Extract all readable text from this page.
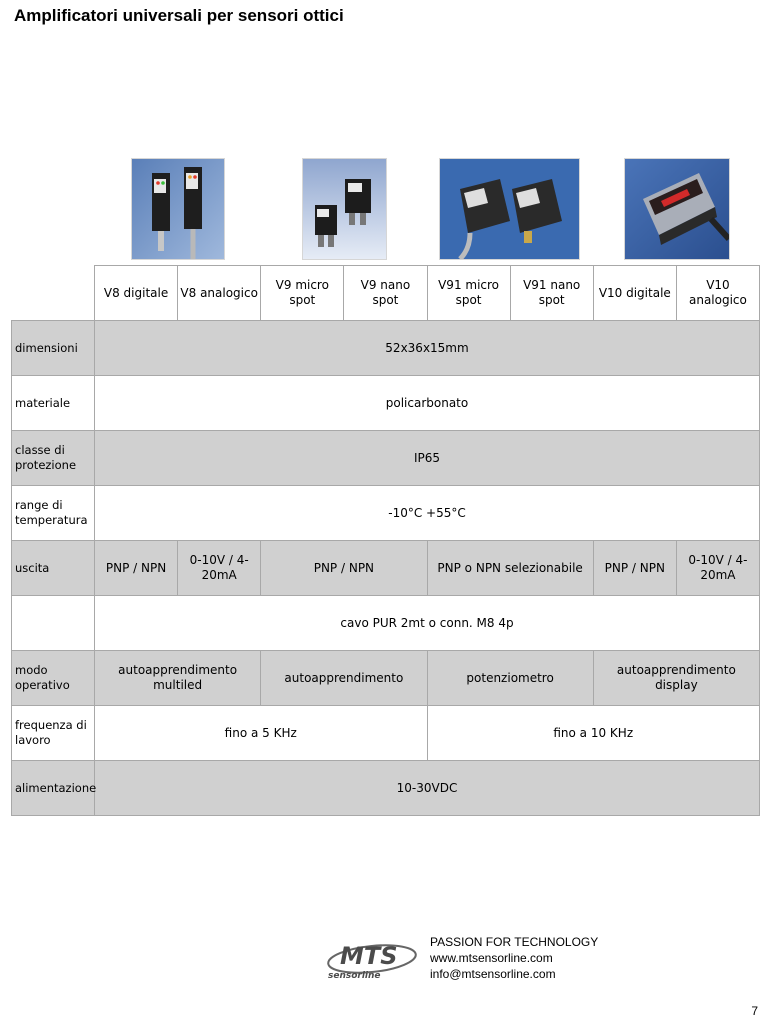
Amplificatori universali per sensori ottici
	V8 digitale	V8 analogico	V9 micro spot	V9 nano spot	V91 micro spot	V91 nano spot	V10 digitale	V10 analogico
dimensioni	52x36x15mm							
materiale	policarbonato							
classe di protezione	IP65							
range di temperatura	-10°C +55°C							
uscita	PNP / NPN	0-10V / 4-20mA	PNP / NPN		PNP o NPN selezionabile		PNP / NPN	0-10V / 4-20mA
	cavo PUR 2mt o conn. M8 4p							
modo operativo	autoapprendimento multiled		autoapprendimento		potenziometro		autoapprendimento display	
frequenza di lavoro	fino a 5 KHz				fino a 10 KHz			
alimentazione	10-30VDC							
MTS
sensorline
PASSION FOR TECHNOLOGY
www.mtsensorline.com
info@mtsensorline.com
7
